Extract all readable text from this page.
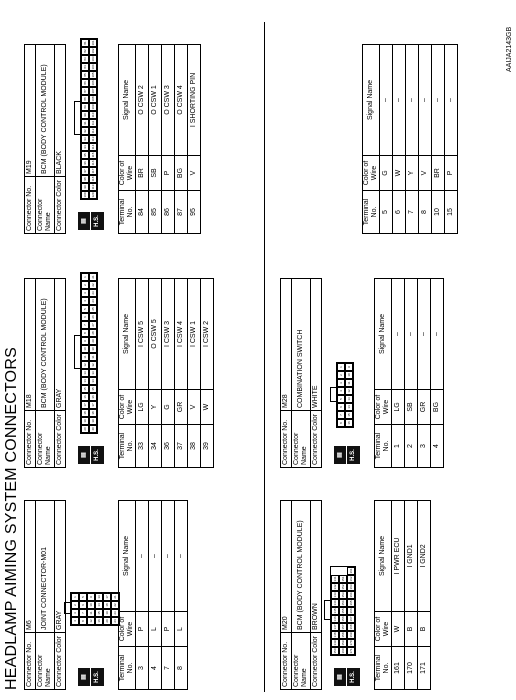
HEADLAMP AIMING SYSTEM CONNECTORS
AAIJA2143GB
Connector No.	M6
Connector Name	JOINT CONNECTOR-M01
Connector Color	GRAY
▤	H.S.
4
3
2
1
8
7
6
5
12
11
10
9
16
15
14
13
20
19
18
17
24
23
22
21
Terminal No.	Color of Wire	Signal Name
3	P	–
4	L	–
7	P	–
8	L	–
Connector No.	M18
Connector Name	BCM (BODY CONTROL MODULE)
Connector Color	GRAY
▤	H.S.
20
19
18
17
16
15
14
13
12
11
10
9
8
7
6
5
4
3
2
1
40
39
38
37
36
35
34
33
32
31
30
29
28
27
26
25
24
23
22
21
Terminal No.	Color of Wire	Signal Name
33	LG	I CSW 5
34	Y	O CSW 5
36	G	I CSW 3
37	GR	I CSW 4
38	V	I CSW 1
39	W	I CSW 2
Connector No.	M19
Connector Name	BCM (BODY CONTROL MODULE)
Connector Color	BLACK
▤	H.S.
100
99
98
97
96
95
94
93
92
91
90
89
88
87
86
85
84
83
82
81
120
119
118
117
116
115
114
113
112
111
110
109
108
107
106
105
104
103
102
101
Terminal No.	Color of Wire	Signal Name
84	BR	O CSW 2
85	SB	O CSW 1
86	P	O CSW 3
87	BG	O CSW 4
95	V	I SHORTING PIN
Connector No.	M20
Connector Name	BCM (BODY CONTROL MODULE)
Connector Color	BROWN
▤	H.S.
150
149
148
147
146
145
144
143
142
141
160
159
158
157
156
155
154
153
152
151
171
170
169
168
167
166
165
164
163
162
161
Terminal No.	Color of Wire	Signal Name
161	W	I PWR ECU
170	B	I GND1
171	B	I GND2
Connector No.	M28
Connector Name	COMBINATION SWITCH
Connector Color	WHITE
▤	H.S.
8
7
6
5
4
3
2
1
16
15
14
13
12
11
10
9
Terminal No.	Color of Wire	Signal Name
1	LG	–
2	SB	–
3	GR	–
4	BG	–
Terminal No.	Color of Wire	Signal Name
5	G	–
6	W	–
7	Y	–
8	V	–
10	BR	–
15	P	–
